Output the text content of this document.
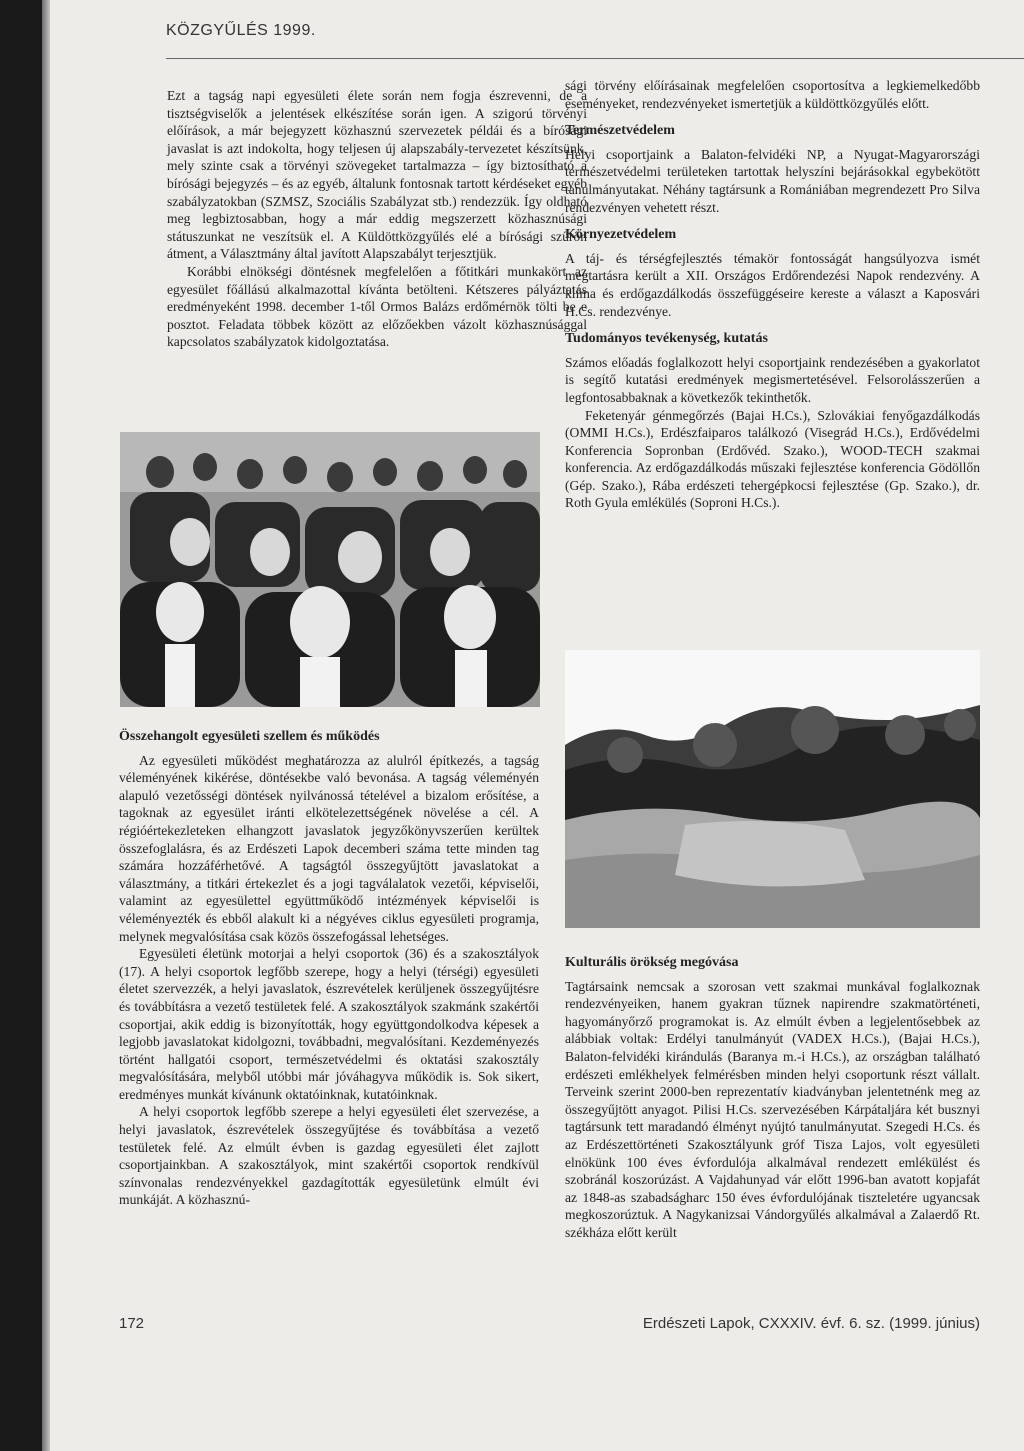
KÖZGYŰLÉS 1999.

Ezt a tagság napi egyesületi élete során nem fogja észrevenni, de a tisztségviselők a jelentések elkészítése során igen. A szigorú törvényi előírások, a már bejegyzett közhasznú szervezetek példái és a bírósági javaslat is azt indokolta, hogy teljesen új alapszabály-tervezetet készítsünk, mely szinte csak a törvényi szövegeket tartalmazza – így biztosítható a bírósági bejegyzés – és az egyéb, általunk fontosnak tartott kérdéseket egyéb szabályzatokban (SZMSZ, Szociális Szabályzat stb.) rendezzük. Így oldható meg legbiztosabban, hogy a már eddig megszerzett közhasznúsági státuszunkat ne veszítsük el. A Küldöttközgyűlés elé a bírósági szűrőn átment, a Választmány által javított Alapszabályt terjesztjük.

Korábbi elnökségi döntésnek megfelelően a főtitkári munkakört az egyesület főállású alkalmazottal kívánta betölteni. Kétszeres pályáztatás eredményeként 1998. december 1-től Ormos Balázs erdőmérnök tölti be e posztot. Feladata többek között az előzőekben vázolt közhasznúsággal kapcsolatos szabályzatok kidolgoztatása.

Összehangolt egyesületi szellem és működés

Az egyesületi működést meghatározza az alulról építkezés, a tagság véleményének kikérése, döntésekbe való bevonása. A tagság véleményén alapuló vezetősségi döntések nyilvánossá tételével a bizalom erősítése, a tagoknak az egyesület iránti elkötelezettségének növelése a cél. A régióértekezleteken elhangzott javaslatok jegyzőkönyvszerűen kerültek összefoglalásra, és az Erdészeti Lapok decemberi száma tette minden tag számára hozzáférhetővé. A tagságtól összegyűjtött javaslatokat a választmány, a titkári értekezlet és a jogi tagválalatok vezetői, képviselői, valamint az egyesülettel együttműködő intézmények képviselői is véleményezték és ebből alakult ki a négyéves ciklus egyesületi programja, melynek megvalósítása csak közös összefogással lehetséges.

Egyesületi életünk motorjai a helyi csoportok (36) és a szakosztályok (17). A helyi csoportok legfőbb szerepe, hogy a helyi (térségi) egyesületi életet szervezzék, a helyi javaslatok, észrevételek kerüljenek összegyűjtésre és továbbításra a vezető testületek felé. A szakosztályok szakmánk szakértői csoportjai, akik eddig is bizonyították, hogy együttgondolkodva képesek a legjobb javaslatokat kidolgozni, továbbadni, megvalósítani. Kezdeményezés történt hallgatói csoport, természetvédelmi és oktatási szakosztály megvalósítására, melyből utóbbi már jóváhagyva működik is. Sok sikert, eredményes munkát kívánunk oktatóinknak, kutatóinknak.

A helyi csoportok legfőbb szerepe a helyi egyesületi élet szervezése, a helyi javaslatok, észrevételek összegyűjtése és továbbítása a vezető testületek felé. Az elmúlt évben is gazdag egyesületi élet zajlott csoportjainkban. A szakosztályok, mint szakértői csoportok rendkívül színvonalas rendezvényekkel gazdagították egyesületünk elmúlt évi munkáját. A közhasznú-

sági törvény előírásainak megfelelően csoportosítva a legkiemelkedőbb eseményeket, rendezvényeket ismertetjük a küldöttközgyűlés előtt.

Természetvédelem

Helyi csoportjaink a Balaton-felvidéki NP, a Nyugat-Magyarországi természetvédelmi területeken tartottak helyszíni bejárásokkal egybekötött tanulmányutakat. Néhány tagtársunk a Romániában megrendezett Pro Silva rendezvényen vehetett részt.

Környezetvédelem

A táj- és térségfejlesztés témakör fontosságát hangsúlyozva ismét megtartásra került a XII. Országos Erdőrendezési Napok rendezvény. A klíma és erdőgazdálkodás összefüggéseire kereste a választ a Kaposvári H.Cs. rendezvénye.

Tudományos tevékenység, kutatás

Számos előadás foglalkozott helyi csoportjaink rendezésében a gyakorlatot is segítő kutatási eredmények megismertetésével. Felsorolásszerűen a legfontosabbaknak a következők tekinthetők.

Feketenyár génmegőrzés (Bajai H.Cs.), Szlovákiai fenyőgazdálkodás (OMMI H.Cs.), Erdészfaiparos találkozó (Visegrád H.Cs.), Erdővédelmi Konferencia Sopronban (Erdővéd. Szako.), WOOD-TECH szakmai konferencia. Az erdőgazdálkodás műszaki fejlesztése konferencia Gödöllőn (Gép. Szako.), Rába erdészeti tehergépkocsi fejlesztése (Gp. Szako.), dr. Roth Gyula emlékülés (Soproni H.Cs.).

Kulturális örökség megóvása

Tagtársaink nemcsak a szorosan vett szakmai munkával foglalkoznak rendezvényeiken, hanem gyakran tűznek napirendre szakmatörténeti, hagyományőrző programokat is. Az elmúlt évben a legjelentősebbek az alábbiak voltak: Erdélyi tanulmányút (VADEX H.Cs.), (Bajai H.Cs.), Balaton-felvidéki kirándulás (Baranya m.-i H.Cs.), az országban található erdészeti emlékhelyek felmérésben minden helyi csoportunk részt vállalt. Terveink szerint 2000-ben reprezentatív kiadványban jelentetnénk meg az összegyűjtött anyagot. Pilisi H.Cs. szervezésében Kárpátaljára két busznyi tagtársunk tett maradandó élményt nyújtó tanulmányutat. Szegedi H.Cs. és az Erdészettörténeti Szakosztályunk gróf Tisza Lajos, volt egyesületi elnökünk 100 éves évfordulója alkalmával rendezett emlékülést és szobránál koszorúzást. A Vajdahunyad vár előtt 1996-ban avatott kopjafát az 1848-as szabadságharc 150 éves évfordulójának tiszteletére ugyancsak megkoszorúztuk. A Nagykanizsai Vándorgyűlés alkalmával a Zalaerdő Rt. székháza előtt került

172	Erdészeti Lapok, CXXXIV. évf. 6. sz. (1999. június)
